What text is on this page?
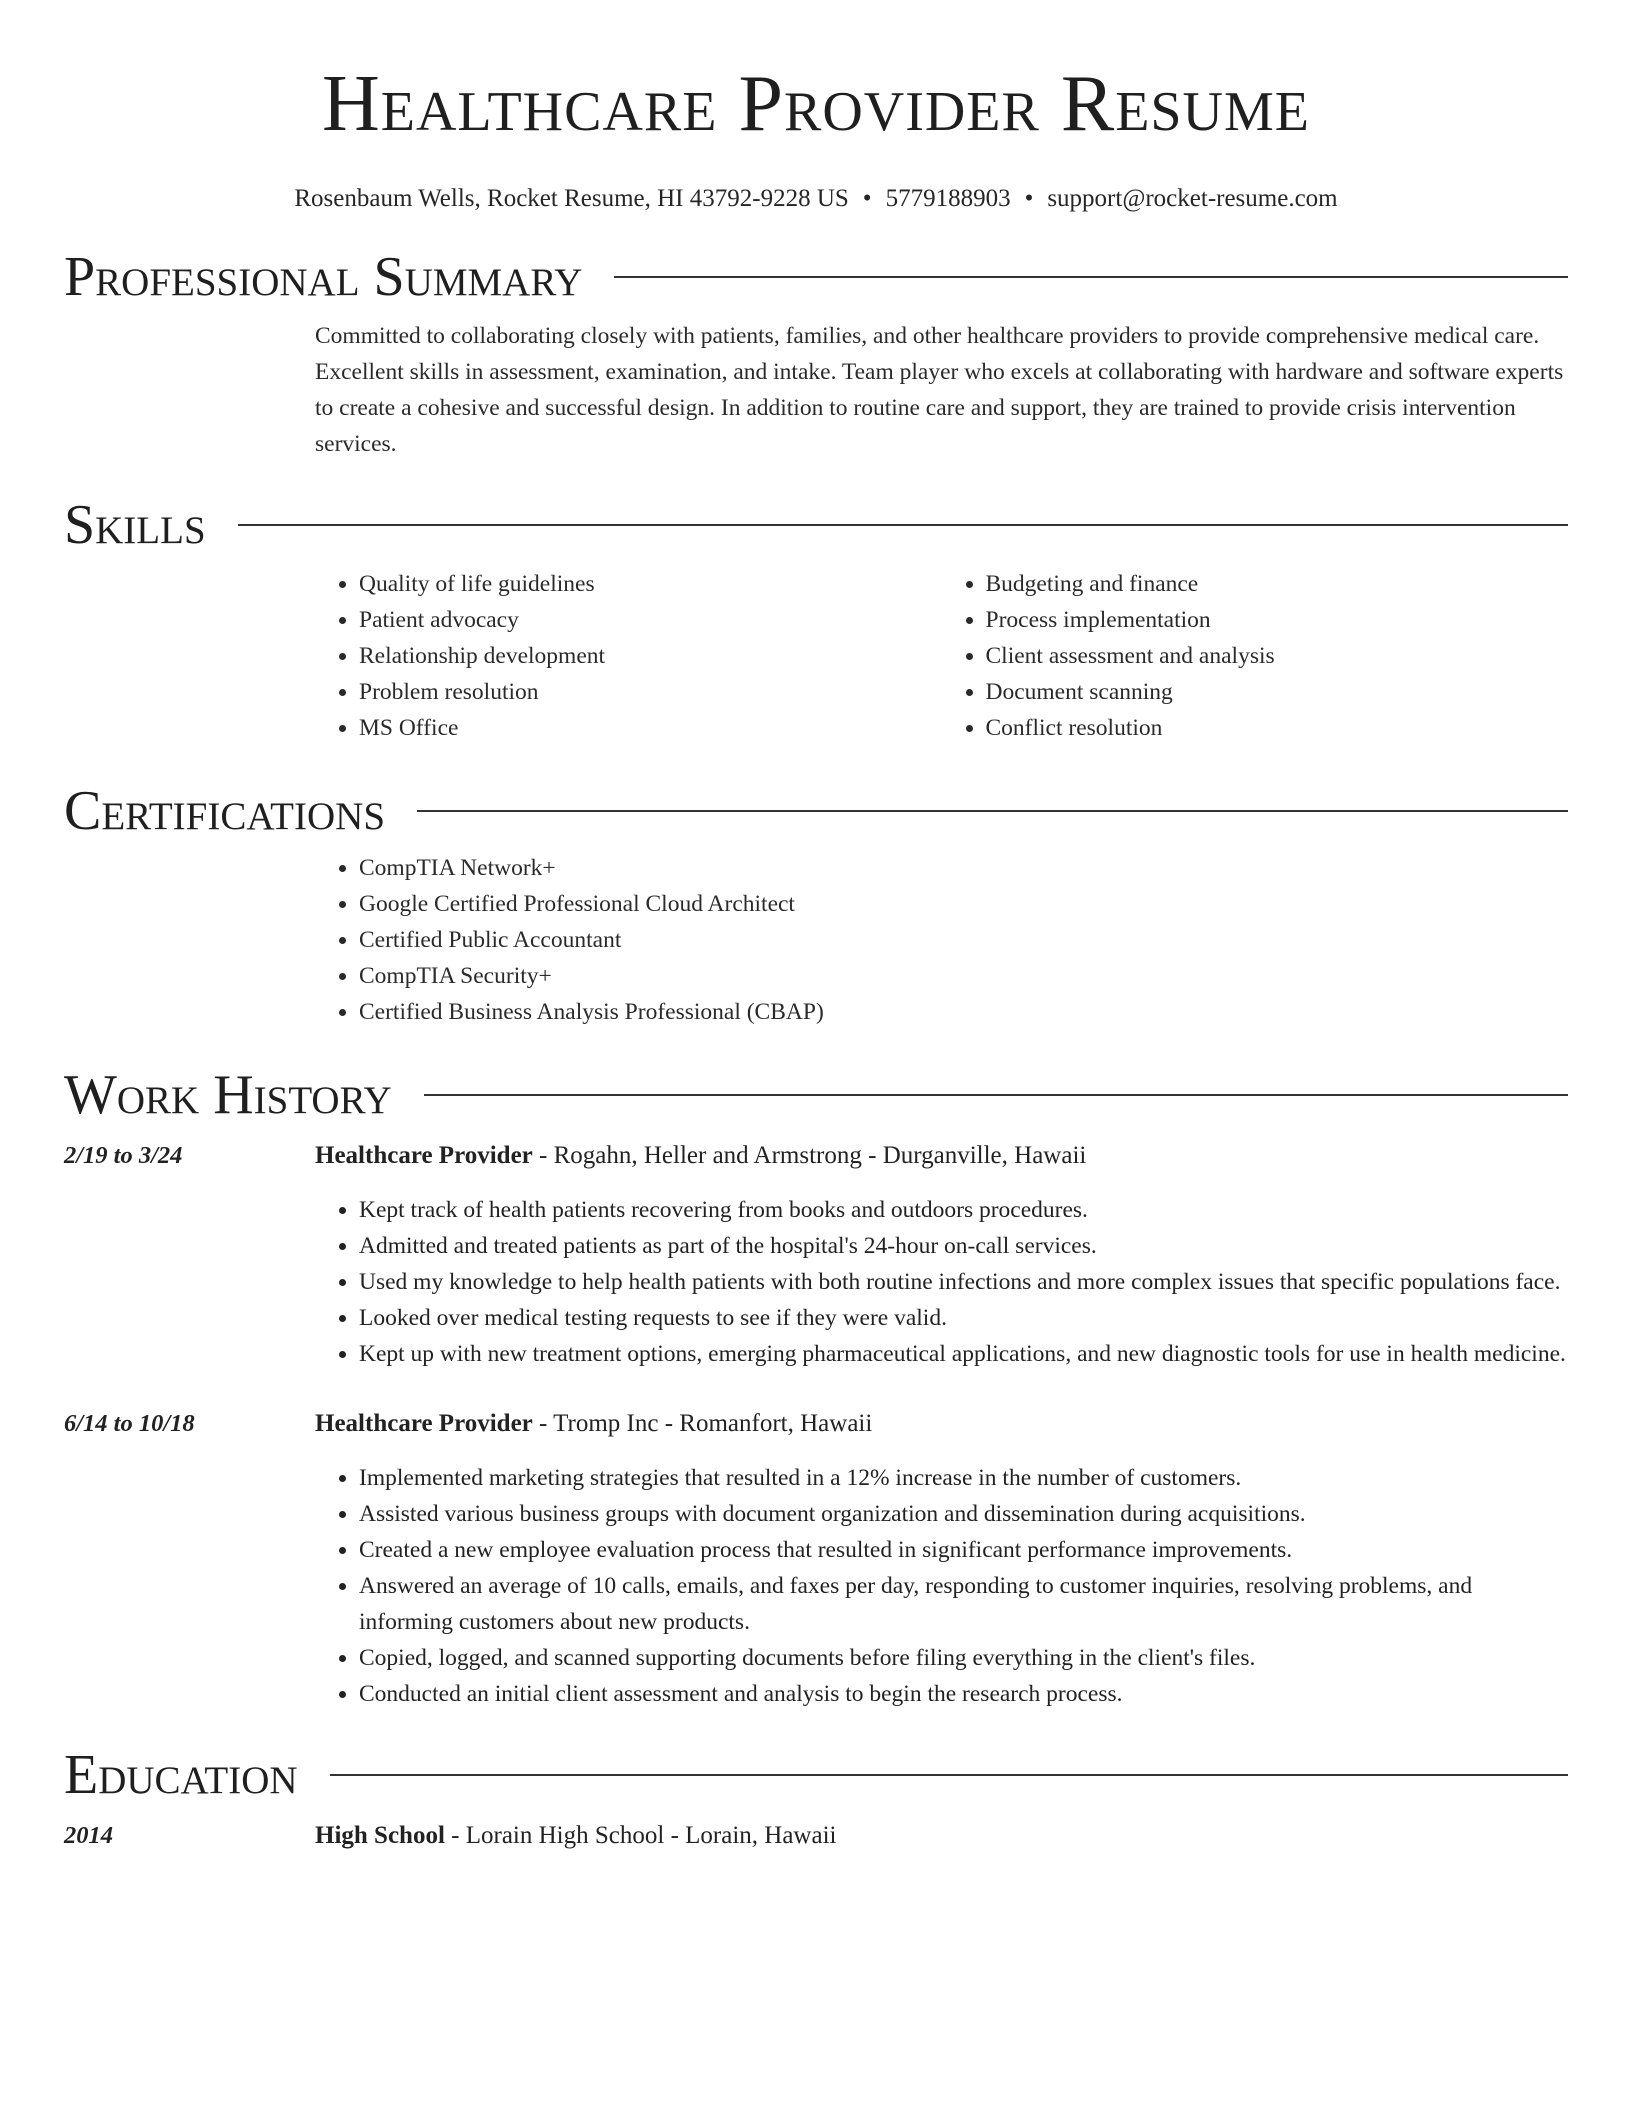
Healthcare Provider Resume
Rosenbaum Wells, Rocket Resume, HI 43792-9228 US • 5779188903 • support@rocket-resume.com
Professional Summary
Committed to collaborating closely with patients, families, and other healthcare providers to provide comprehensive medical care. Excellent skills in assessment, examination, and intake. Team player who excels at collaborating with hardware and software experts to create a cohesive and successful design. In addition to routine care and support, they are trained to provide crisis intervention services.
Skills
• Quality of life guidelines
• Patient advocacy
• Relationship development
• Problem resolution
• MS Office
• Budgeting and finance
• Process implementation
• Client assessment and analysis
• Document scanning
• Conflict resolution
Certifications
• CompTIA Network+
• Google Certified Professional Cloud Architect
• Certified Public Accountant
• CompTIA Security+
• Certified Business Analysis Professional (CBAP)
Work History
2/19 to 3/24	Healthcare Provider - Rogahn, Heller and Armstrong - Durganville, Hawaii
• Kept track of health patients recovering from books and outdoors procedures.
• Admitted and treated patients as part of the hospital's 24-hour on-call services.
• Used my knowledge to help health patients with both routine infections and more complex issues that specific populations face.
• Looked over medical testing requests to see if they were valid.
• Kept up with new treatment options, emerging pharmaceutical applications, and new diagnostic tools for use in health medicine.
6/14 to 10/18	Healthcare Provider - Tromp Inc - Romanfort, Hawaii
• Implemented marketing strategies that resulted in a 12% increase in the number of customers.
• Assisted various business groups with document organization and dissemination during acquisitions.
• Created a new employee evaluation process that resulted in significant performance improvements.
• Answered an average of 10 calls, emails, and faxes per day, responding to customer inquiries, resolving problems, and informing customers about new products.
• Copied, logged, and scanned supporting documents before filing everything in the client's files.
• Conducted an initial client assessment and analysis to begin the research process.
Education
2014	High School - Lorain High School - Lorain, Hawaii
